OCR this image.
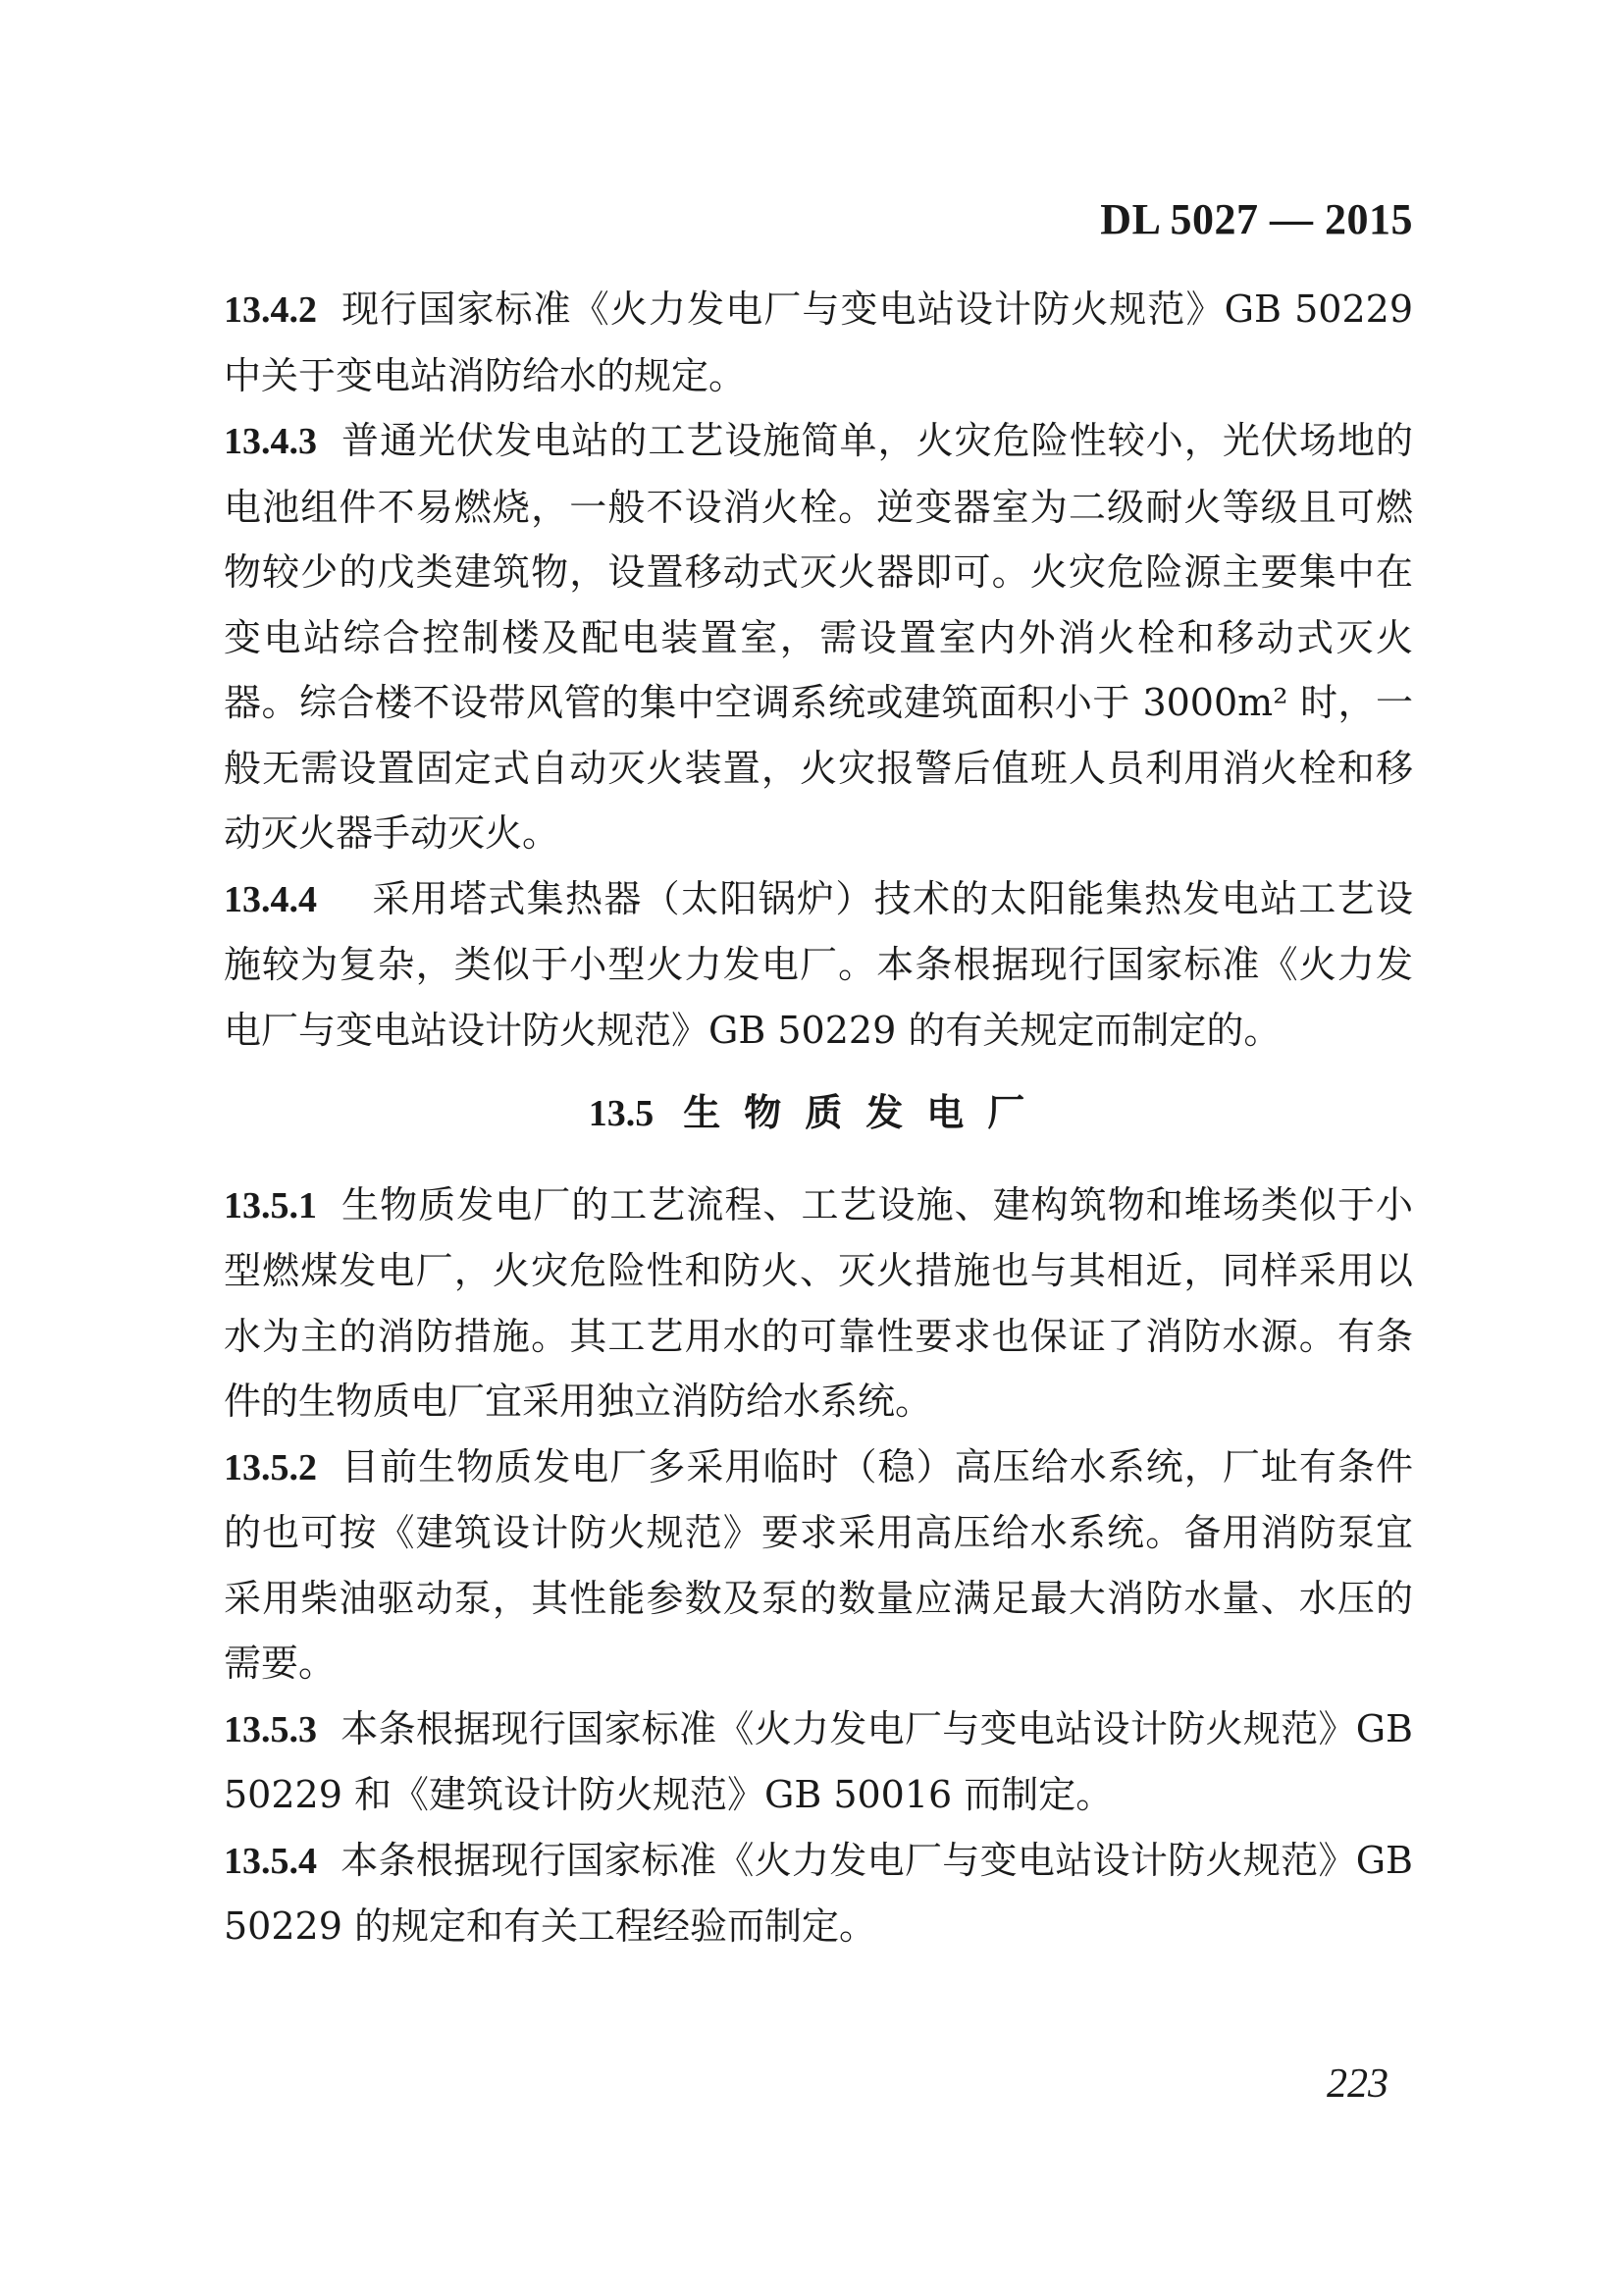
DL 5027 — 2015

13.4.2 现行国家标准《火力发电厂与变电站设计防火规范》GB 50229 中关于变电站消防给水的规定。

13.4.3 普通光伏发电站的工艺设施简单，火灾危险性较小，光伏场地的电池组件不易燃烧，一般不设消火栓。逆变器室为二级耐火等级且可燃物较少的戊类建筑物，设置移动式灭火器即可。火灾危险源主要集中在变电站综合控制楼及配电装置室，需设置室内外消火栓和移动式灭火器。综合楼不设带风管的集中空调系统或建筑面积小于 3000m² 时，一般无需设置固定式自动灭火装置，火灾报警后值班人员利用消火栓和移动灭火器手动灭火。

13.4.4 采用塔式集热器（太阳锅炉）技术的太阳能集热发电站工艺设施较为复杂，类似于小型火力发电厂。本条根据现行国家标准《火力发电厂与变电站设计防火规范》GB 50229 的有关规定而制定的。

13.5 生物质发电厂

13.5.1 生物质发电厂的工艺流程、工艺设施、建构筑物和堆场类似于小型燃煤发电厂，火灾危险性和防火、灭火措施也与其相近，同样采用以水为主的消防措施。其工艺用水的可靠性要求也保证了消防水源。有条件的生物质电厂宜采用独立消防给水系统。

13.5.2 目前生物质发电厂多采用临时（稳）高压给水系统，厂址有条件的也可按《建筑设计防火规范》要求采用高压给水系统。备用消防泵宜采用柴油驱动泵，其性能参数及泵的数量应满足最大消防水量、水压的需要。

13.5.3 本条根据现行国家标准《火力发电厂与变电站设计防火规范》GB 50229 和《建筑设计防火规范》GB 50016 而制定。

13.5.4 本条根据现行国家标准《火力发电厂与变电站设计防火规范》GB 50229 的规定和有关工程经验而制定。

223
